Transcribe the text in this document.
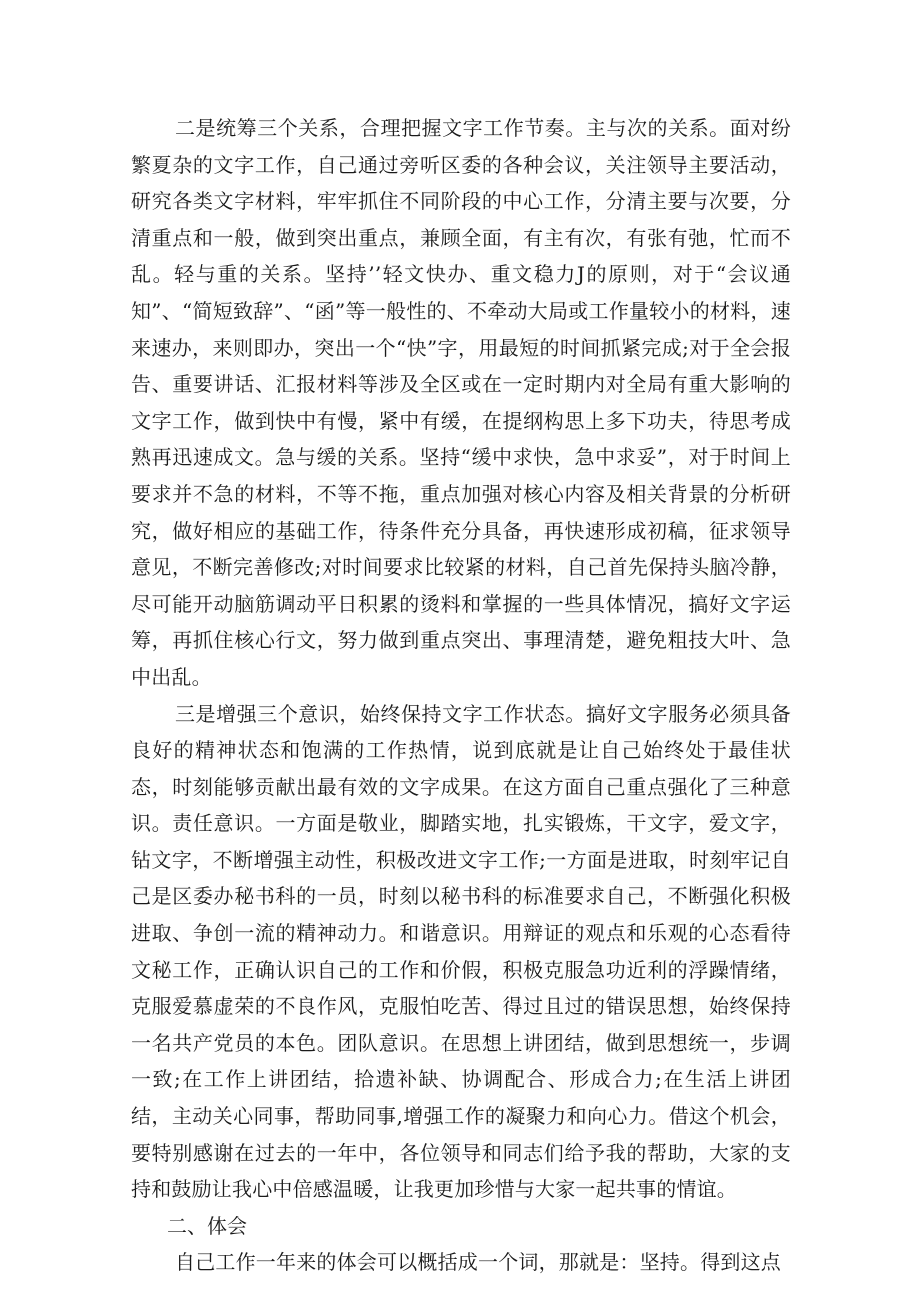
二是统筹三个关系，合理把握文字工作节奏。主与次的关系。面对纷繁夏杂的文字工作，自己通过旁听区委的各种会议，关注领导主要活动，研究各类文字材料，牢牢抓住不同阶段的中心工作，分清主要与次要，分清重点和一般，做到突出重点，兼顾全面，有主有次，有张有弛，忙而不乱。轻与重的关系。坚持’’轻文快办、重文稳力J的原则，对于“会议通知”、“简短致辞”、“函”等一般性的、不牵动大局或工作量较小的材料，速来速办，来则即办，突出一个“快”字，用最短的时间抓紧完成;对于全会报告、重要讲话、汇报材料等涉及全区或在一定时期内对全局有重大影响的文字工作，做到快中有慢，紧中有缓，在提纲构思上多下功夫，待思考成熟再迅速成文。急与缓的关系。坚持“缓中求快，急中求妥”，对于时间上要求并不急的材料，不等不拖，重点加强对核心内容及相关背景的分析研究，做好相应的基础工作，待条件充分具备，再快速形成初稿，征求领导意见，不断完善修改;对时间要求比较紧的材料，自己首先保持头脑冷静，尽可能开动脑筋调动平日积累的烫料和掌握的一些具体情况，搞好文字运筹，再抓住核心行文，努力做到重点突出、事理清楚，避免粗技大叶、急中出乱。

三是增强三个意识，始终保持文字工作状态。搞好文字服务必须具备良好的精神状态和饱满的工作热情，说到底就是让自己始终处于最佳状态，时刻能够贡献出最有效的文字成果。在这方面自己重点强化了三种意识。责任意识。一方面是敬业，脚踏实地，扎实锻炼，干文字，爱文字，钻文字，不断增强主动性，积极改进文字工作;一方面是进取，时刻牢记自己是区委办秘书科的一员，时刻以秘书科的标准要求自己，不断强化积极进取、争创一流的精神动力。和谐意识。用辩证的观点和乐观的心态看待文秘工作，正确认识自己的工作和价假，积极克服急功近利的浮躁情绪，克服爱慕虚荣的不良作风，克服怕吃苦、得过且过的错误思想，始终保持一名共产党员的本色。团队意识。在思想上讲团结，做到思想统一，步调一致;在工作上讲团结，拾遗补缺、协调配合、形成合力;在生活上讲团结，主动关心同事，帮助同事,增强工作的凝聚力和向心力。借这个机会，要特别感谢在过去的一年中，各位领导和同志们给予我的帮助，大家的支持和鼓励让我心中倍感温暖，让我更加珍惜与大家一起共事的情谊。

二、体会

自己工作一年来的体会可以概括成一个词，那就是：坚持。得到这点
